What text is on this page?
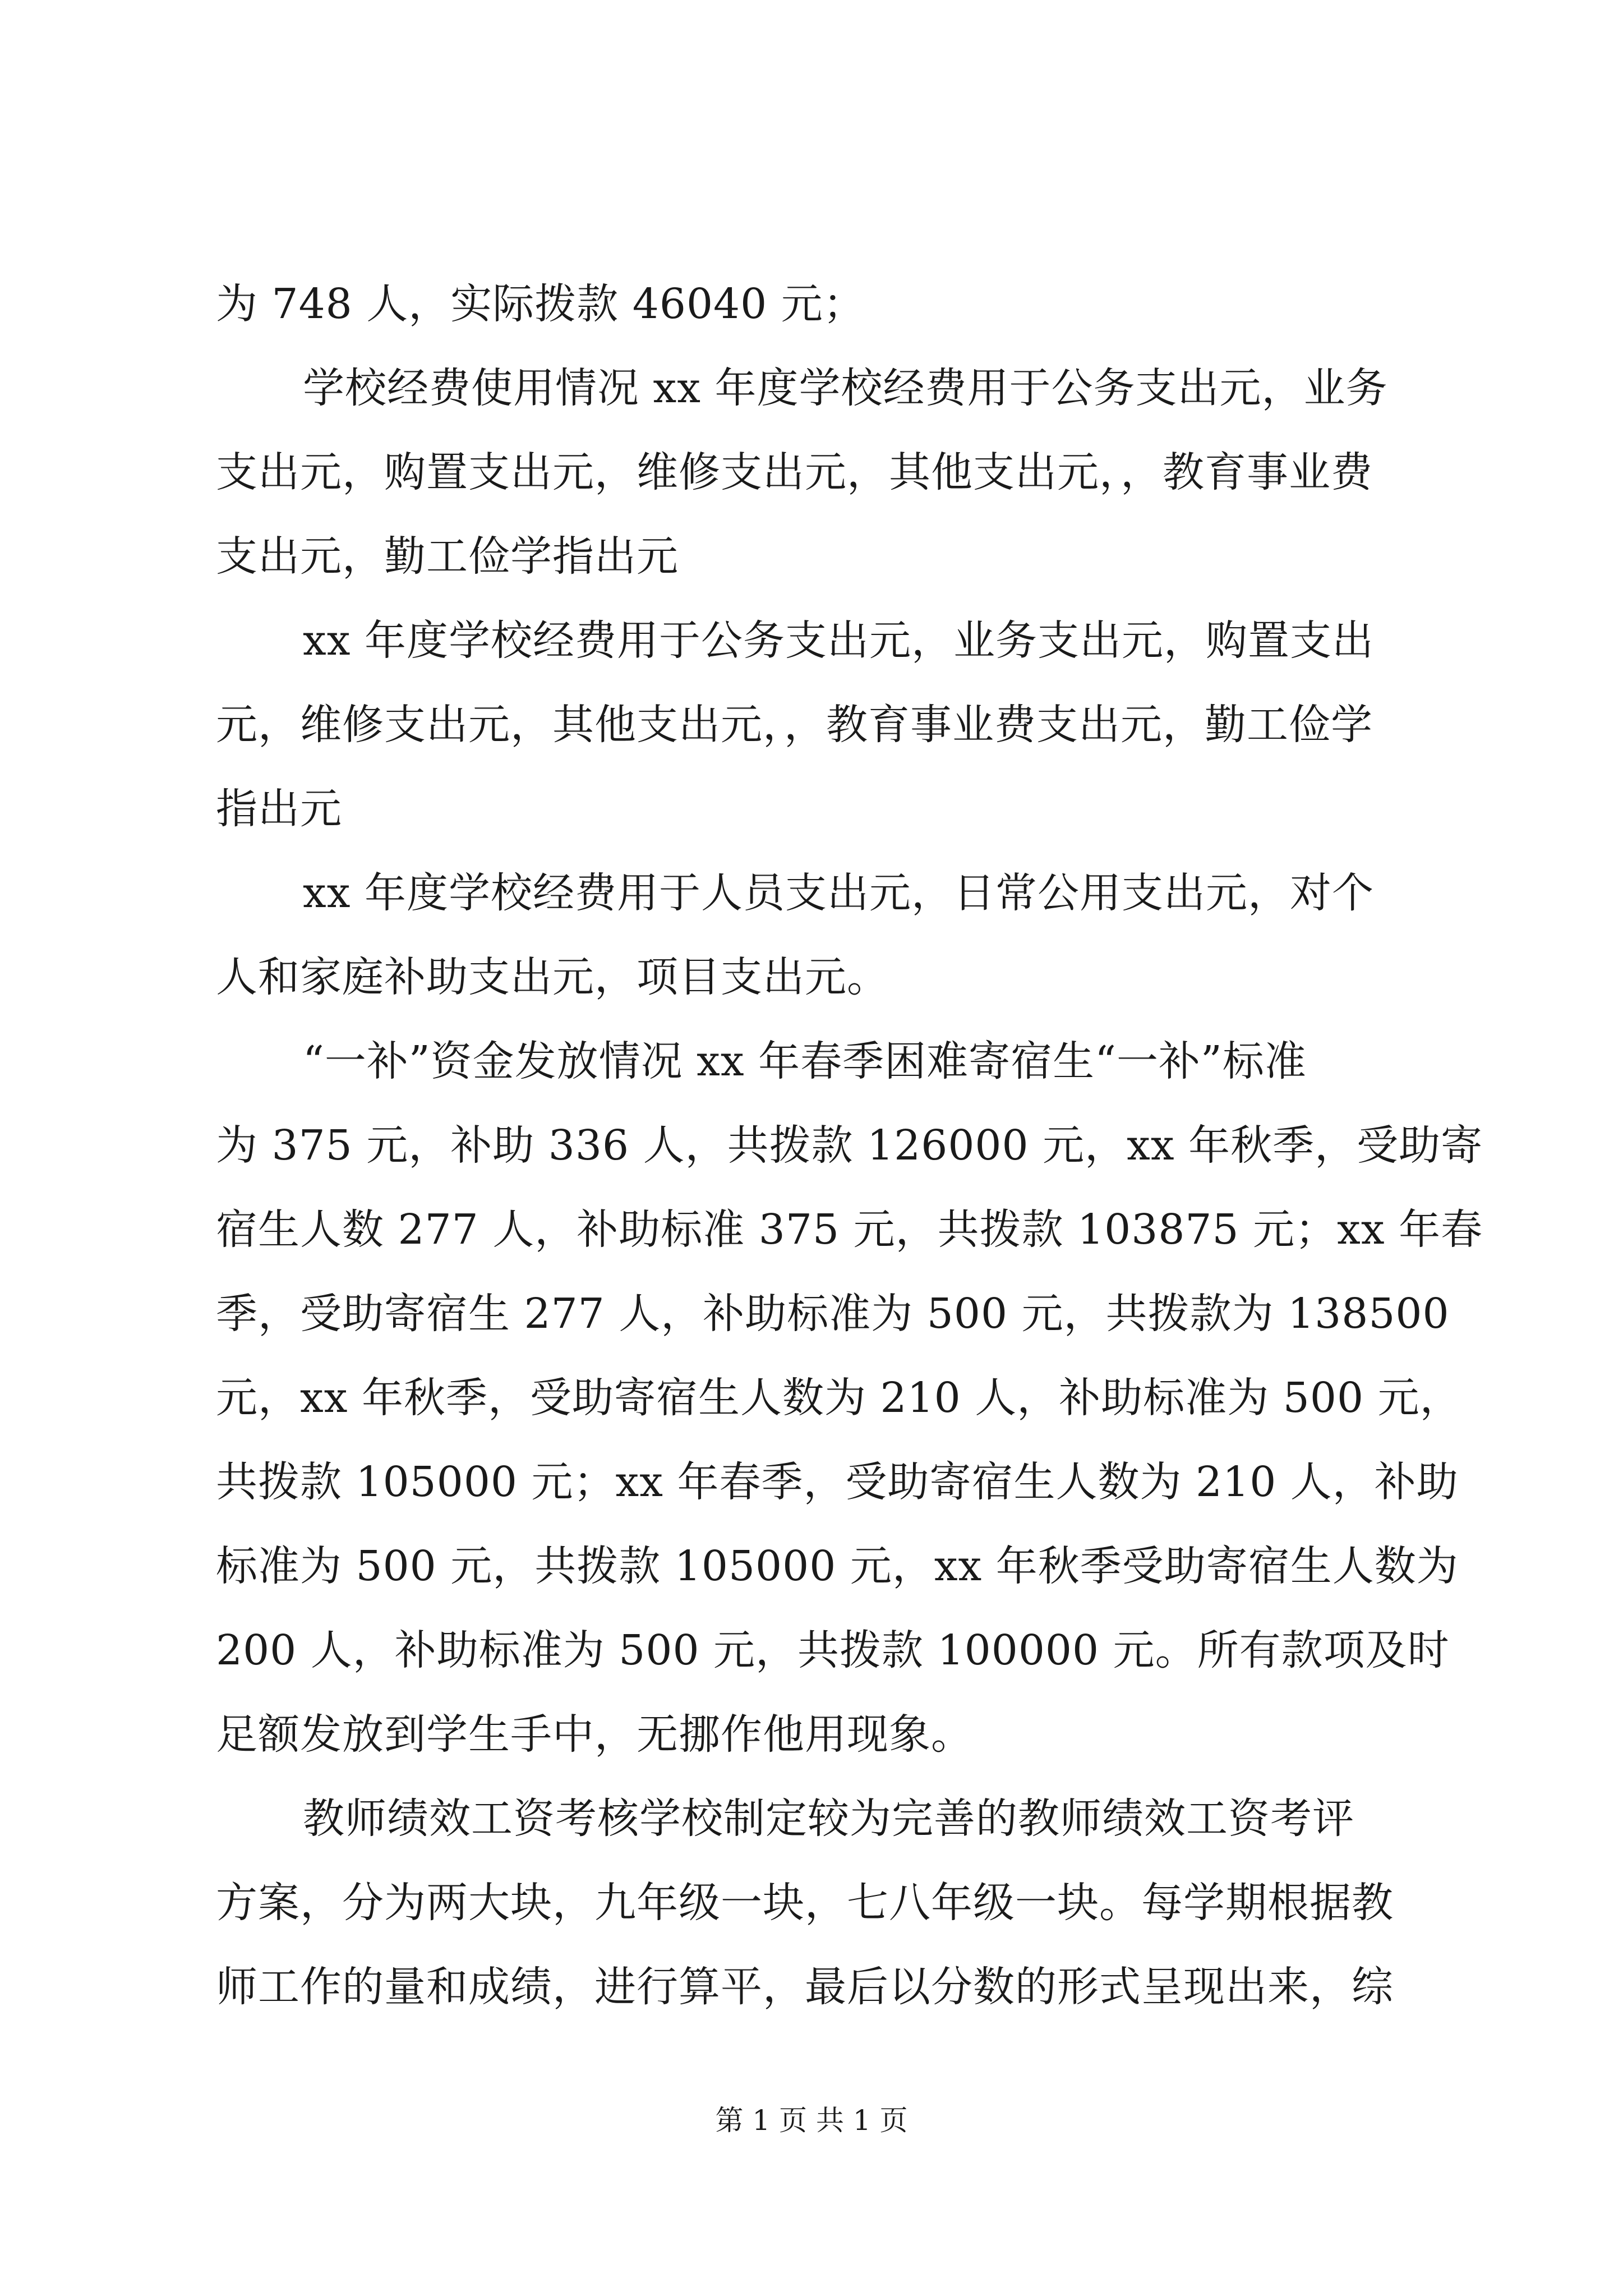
为 748 人，实际拨款 46040 元；
学校经费使用情况 xx 年度学校经费用于公务支出元，业务
支出元，购置支出元，维修支出元，其他支出元，，教育事业费
支出元，勤工俭学指出元
xx 年度学校经费用于公务支出元，业务支出元，购置支出
元，维修支出元，其他支出元，，教育事业费支出元，勤工俭学
指出元
xx 年度学校经费用于人员支出元，日常公用支出元，对个
人和家庭补助支出元，项目支出元。
“一补”资金发放情况 xx 年春季困难寄宿生“一补”标准
为 375 元，补助 336 人，共拨款 126000 元，xx 年秋季，受助寄
宿生人数 277 人，补助标准 375 元，共拨款 103875 元；xx 年春
季，受助寄宿生 277 人，补助标准为 500 元，共拨款为 138500
元，xx 年秋季，受助寄宿生人数为 210 人，补助标准为 500 元，
共拨款 105000 元；xx 年春季，受助寄宿生人数为 210 人，补助
标准为 500 元，共拨款 105000 元，xx 年秋季受助寄宿生人数为
200 人，补助标准为 500 元，共拨款 100000 元。所有款项及时
足额发放到学生手中，无挪作他用现象。
教师绩效工资考核学校制定较为完善的教师绩效工资考评
方案，分为两大块，九年级一块，七八年级一块。每学期根据教
师工作的量和成绩，进行算平，最后以分数的形式呈现出来，综
第 1 页 共 1 页
